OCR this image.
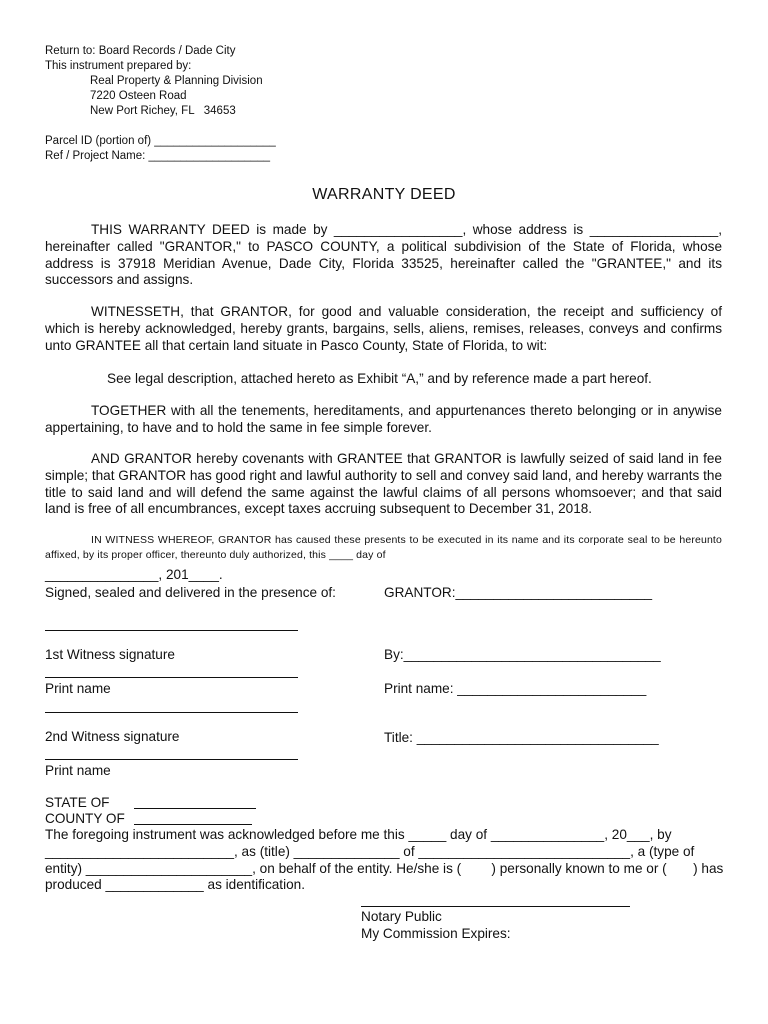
Return to: Board Records / Dade City
This instrument prepared by:
Real Property & Planning Division
7220 Osteen Road
New Port Richey, FL   34653
Parcel ID (portion of) ___________________
Ref / Project Name: ___________________
WARRANTY DEED
THIS WARRANTY DEED is made by _________________, whose address is _________________, hereinafter called "GRANTOR," to PASCO COUNTY, a political subdivision of the State of Florida, whose address is 37918 Meridian Avenue, Dade City, Florida 33525, hereinafter called the "GRANTEE," and its successors and assigns.
WITNESSETH, that GRANTOR, for good and valuable consideration, the receipt and sufficiency of which is hereby acknowledged, hereby grants, bargains, sells, aliens, remises, releases, conveys and confirms unto GRANTEE all that certain land situate in Pasco County, State of Florida, to wit:
See legal description, attached hereto as Exhibit “A,” and by reference made a part hereof.
TOGETHER with all the tenements, hereditaments, and appurtenances thereto belonging or in anywise appertaining, to have and to hold the same in fee simple forever.
AND GRANTOR hereby covenants with GRANTEE that GRANTOR is lawfully seized of said land in fee simple; that GRANTOR has good right and lawful authority to sell and convey said land, and hereby warrants the title to said land and will defend the same against the lawful claims of all persons whomsoever; and that said land is free of all encumbrances, except taxes accruing subsequent to December 31, 2018.
IN WITNESS WHEREOF, GRANTOR has caused these presents to be executed in its name and its corporate seal to be hereunto affixed, by its proper officer, thereunto duly authorized, this ____ day of
_______________, 201____.
Signed, sealed and delivered in the presence of:	GRANTOR:__________________________
1st Witness signature	By:__________________________________
Print name	Print name: _________________________
2nd Witness signature	Title: ________________________________
Print name
STATE OF
COUNTY OF
The foregoing instrument was acknowledged before me this _____ day of _______________, 20___, by
_________________________, as (title) ______________ of ____________________________, a (type of
entity) ______________________, on behalf of the entity. He/she is (        ) personally known to me or (       ) has
produced _____________ as identification.
Notary Public
My Commission Expires:
